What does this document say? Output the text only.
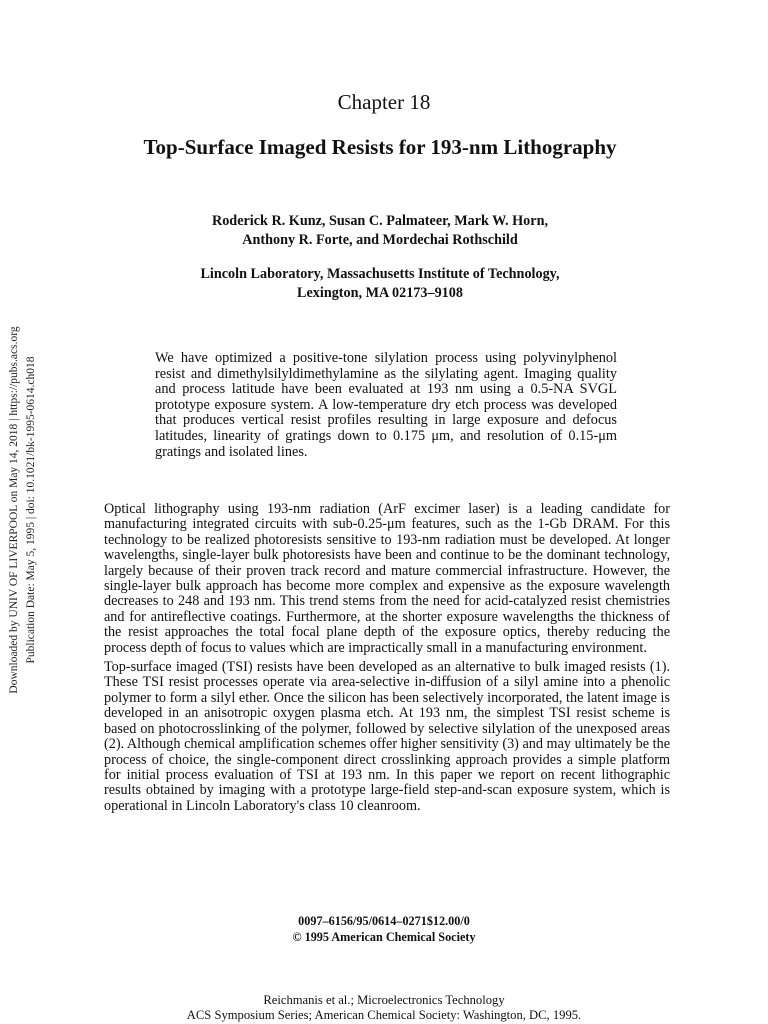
Downloaded by UNIV OF LIVERPOOL on May 14, 2018 | https://pubs.acs.org Publication Date: May 5, 1995 | doi: 10.1021/bk-1995-0614.ch018
Chapter 18
Top-Surface Imaged Resists for 193-nm Lithography
Roderick R. Kunz, Susan C. Palmateer, Mark W. Horn,
Anthony R. Forte, and Mordechai Rothschild
Lincoln Laboratory, Massachusetts Institute of Technology,
Lexington, MA 02173–9108
We have optimized a positive-tone silylation process using polyvinylphenol resist and dimethylsilyldimethylamine as the silylating agent. Imaging quality and process latitude have been evaluated at 193 nm using a 0.5-NA SVGL prototype exposure system. A low-temperature dry etch process was developed that produces vertical resist profiles resulting in large exposure and defocus latitudes, linearity of gratings down to 0.175 μm, and resolution of 0.15-μm gratings and isolated lines.

Optical lithography using 193-nm radiation (ArF excimer laser) is a leading candidate for manufacturing integrated circuits with sub-0.25-μm features, such as the 1-Gb DRAM. For this technology to be realized photoresists sensitive to 193-nm radiation must be developed. At longer wavelengths, single-layer bulk photoresists have been and continue to be the dominant technology, largely because of their proven track record and mature commercial infrastructure. However, the single-layer bulk approach has become more complex and expensive as the exposure wavelength decreases to 248 and 193 nm. This trend stems from the need for acid-catalyzed resist chemistries and for antireflective coatings. Furthermore, at the shorter exposure wavelengths the thickness of the resist approaches the total focal plane depth of the exposure optics, thereby reducing the process depth of focus to values which are impractically small in a manufacturing environment.

Top-surface imaged (TSI) resists have been developed as an alternative to bulk imaged resists (1). These TSI resist processes operate via area-selective in-diffusion of a silyl amine into a phenolic polymer to form a silyl ether. Once the silicon has been selectively incorporated, the latent image is developed in an anisotropic oxygen plasma etch. At 193 nm, the simplest TSI resist scheme is based on photocrosslinking of the polymer, followed by selective silylation of the unexposed areas (2). Although chemical amplification schemes offer higher sensitivity (3) and may ultimately be the process of choice, the single-component direct crosslinking approach provides a simple platform for initial process evaluation of TSI at 193 nm. In this paper we report on recent lithographic results obtained by imaging with a prototype large-field step-and-scan exposure system, which is operational in Lincoln Laboratory's class 10 cleanroom.

0097–6156/95/0614–0271$12.00/0
© 1995 American Chemical Society
Reichmanis et al.; Microelectronics Technology
ACS Symposium Series; American Chemical Society: Washington, DC, 1995.
